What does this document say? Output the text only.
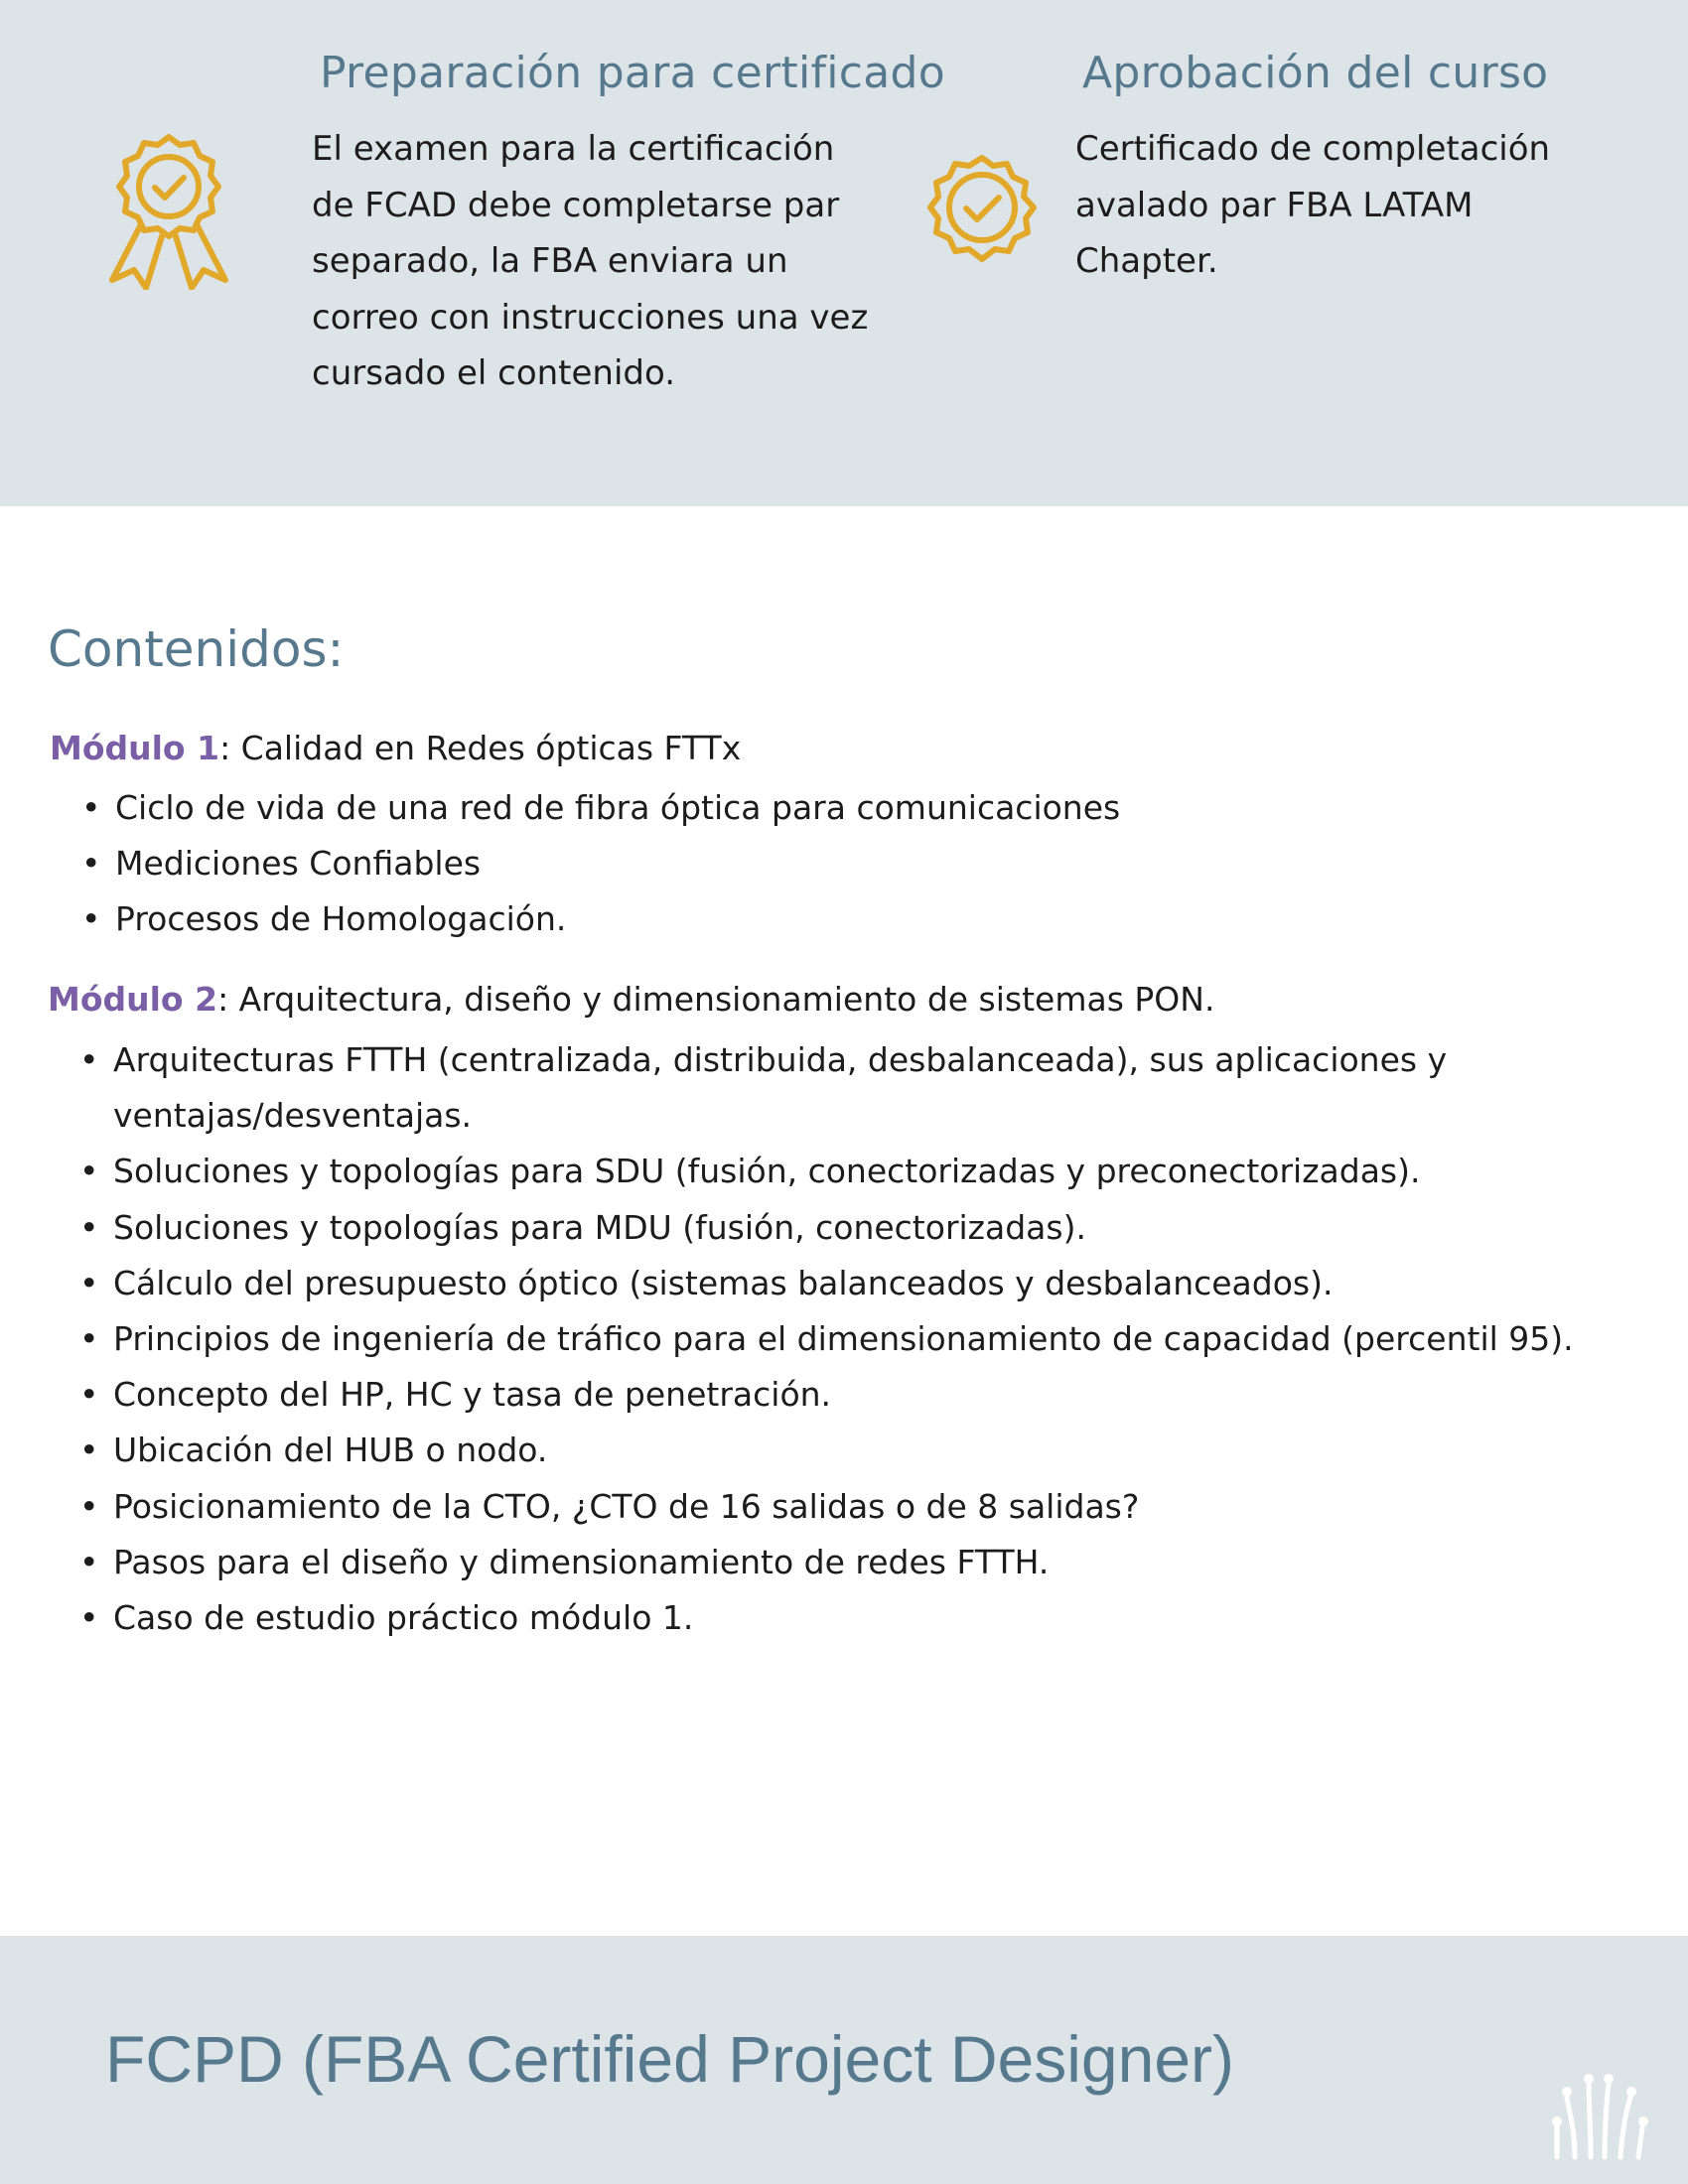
Preparación para certificado
El examen para la certificación
de FCAD debe completarse par
separado, la FBA enviara un
correo con instrucciones una vez
cursado el contenido.
Aprobación del curso
Certificado de completación
avalado par FBA LATAM
Chapter.
Contenidos:
Módulo 1: Calidad en Redes ópticas FTTx
• Ciclo de vida de una red de fibra óptica para comunicaciones
• Mediciones Confiables
• Procesos de Homologación.
Módulo 2: Arquitectura, diseño y dimensionamiento de sistemas PON.
• Arquitecturas FTTH (centralizada, distribuida, desbalanceada), sus aplicaciones y
ventajas/desventajas.
• Soluciones y topologías para SDU (fusión, conectorizadas y preconectorizadas).
• Soluciones y topologías para MDU (fusión, conectorizadas).
• Cálculo del presupuesto óptico (sistemas balanceados y desbalanceados).
• Principios de ingeniería de tráfico para el dimensionamiento de capacidad (percentil 95).
• Concepto del HP, HC y tasa de penetración.
• Ubicación del HUB o nodo.
• Posicionamiento de la CTO, ¿CTO de 16 salidas o de 8 salidas?
• Pasos para el diseño y dimensionamiento de redes FTTH.
• Caso de estudio práctico módulo 1.
FCPD (FBA Certified Project Designer)
